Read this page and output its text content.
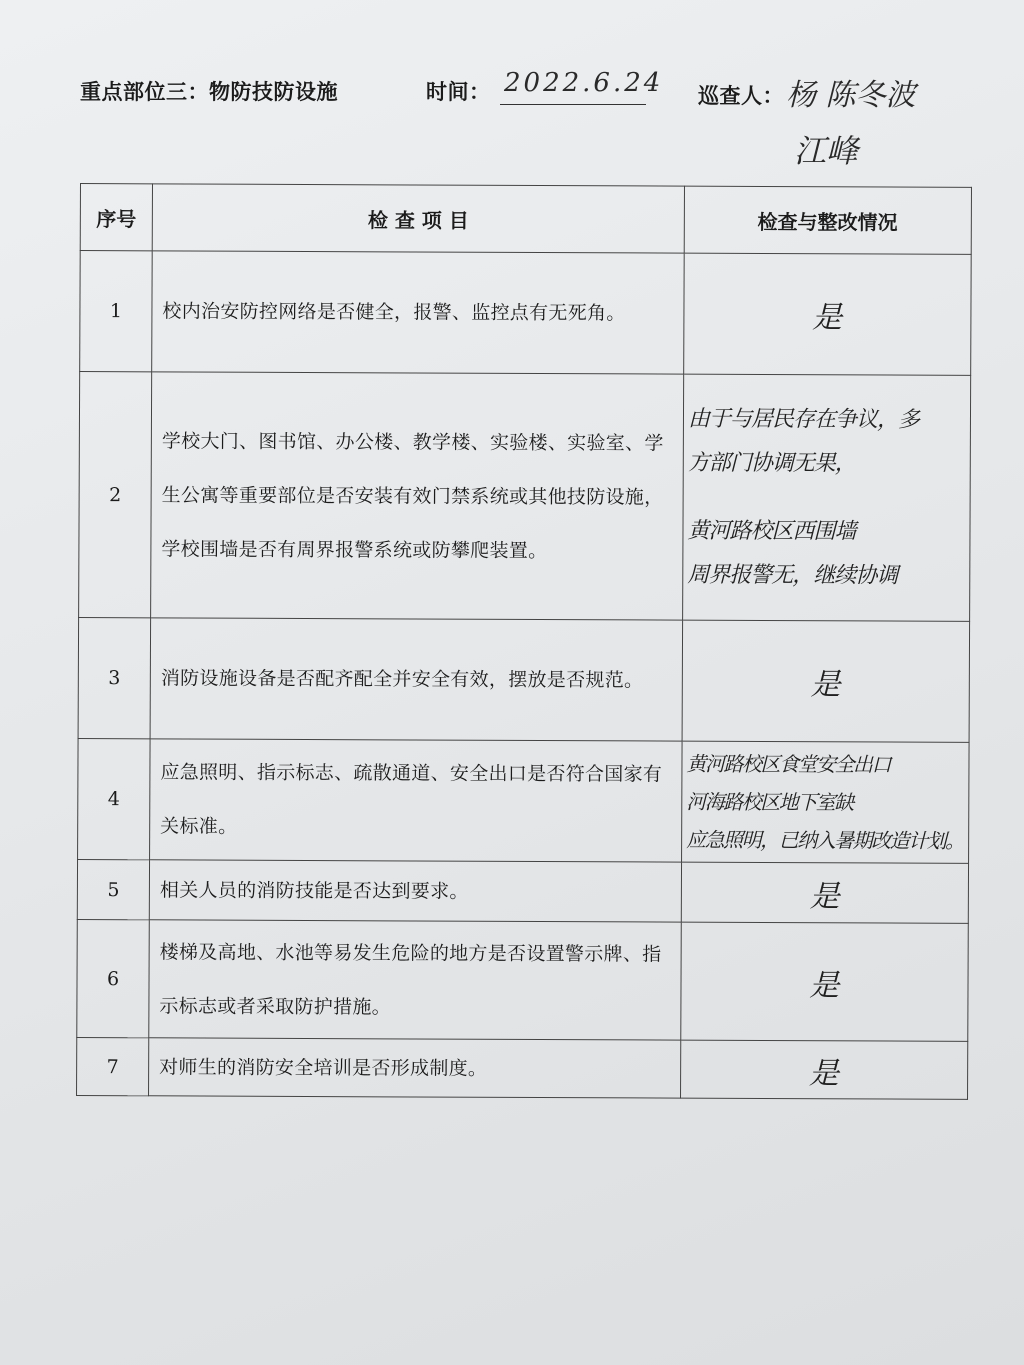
重点部位三：物防技防设施	时间： 2022.6.24 巡查人： 杨 陈冬波
江峰
序号	检 查 项 目	检查与整改情况
1	校内治安防控网络是否健全，报警、监控点有无死角。	是
2	学校大门、图书馆、办公楼、教学楼、实验楼、实验室、学生公寓等重要部位是否安装有效门禁系统或其他技防设施，学校围墙是否有周界报警系统或防攀爬装置。	由于与居民存在争议，多
方部门协调无果，
黄河路校区西围墙
周界报警无，继续协调

3	消防设施设备是否配齐配全并安全有效，摆放是否规范。	是
4	应急照明、指示标志、疏散通道、安全出口是否符合国家有关标准。	黄河路校区食堂安全出口
河海路校区地下室缺
应急照明，已纳入暑期改造计划。

5	相关人员的消防技能是否达到要求。	是
6	楼梯及高地、水池等易发生危险的地方是否设置警示牌、指示标志或者采取防护措施。	是
7	对师生的消防安全培训是否形成制度。	是
